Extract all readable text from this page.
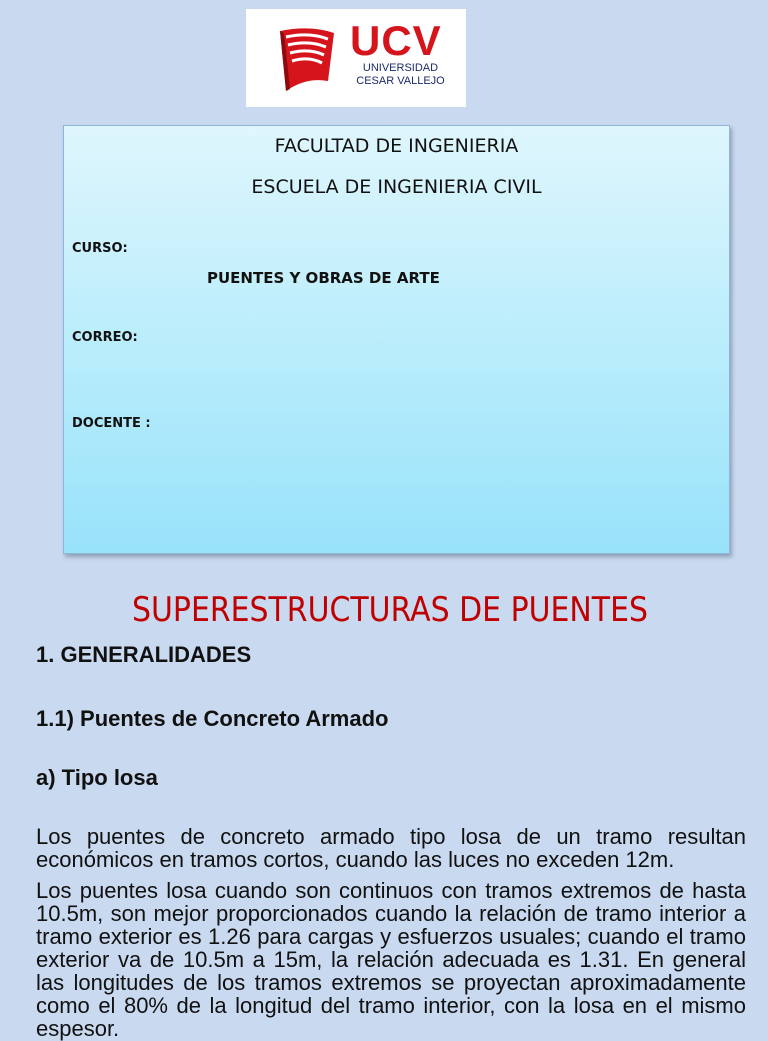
UCV
UNIVERSIDAD
CESAR VALLEJO
FACULTAD DE INGENIERIA
ESCUELA DE INGENIERIA CIVIL
CURSO:
PUENTES Y OBRAS DE ARTE
CORREO:
DOCENTE :
SUPERESTRUCTURAS DE PUENTES
1. GENERALIDADES
1.1) Puentes de Concreto Armado
a) Tipo losa
Los puentes de concreto armado tipo losa de un tramo resultan económicos en tramos cortos, cuando las luces no exceden 12m.
Los puentes losa cuando son continuos con tramos extremos de hasta 10.5m, son mejor proporcionados cuando la relación de tramo interior a tramo exterior es 1.26 para cargas y esfuerzos usuales; cuando el tramo exterior va de 10.5m a 15m, la relación adecuada es 1.31. En general las longitudes de los tramos extremos se proyectan aproximadamente como el 80% de la longitud del tramo interior, con la losa en el mismo espesor.
